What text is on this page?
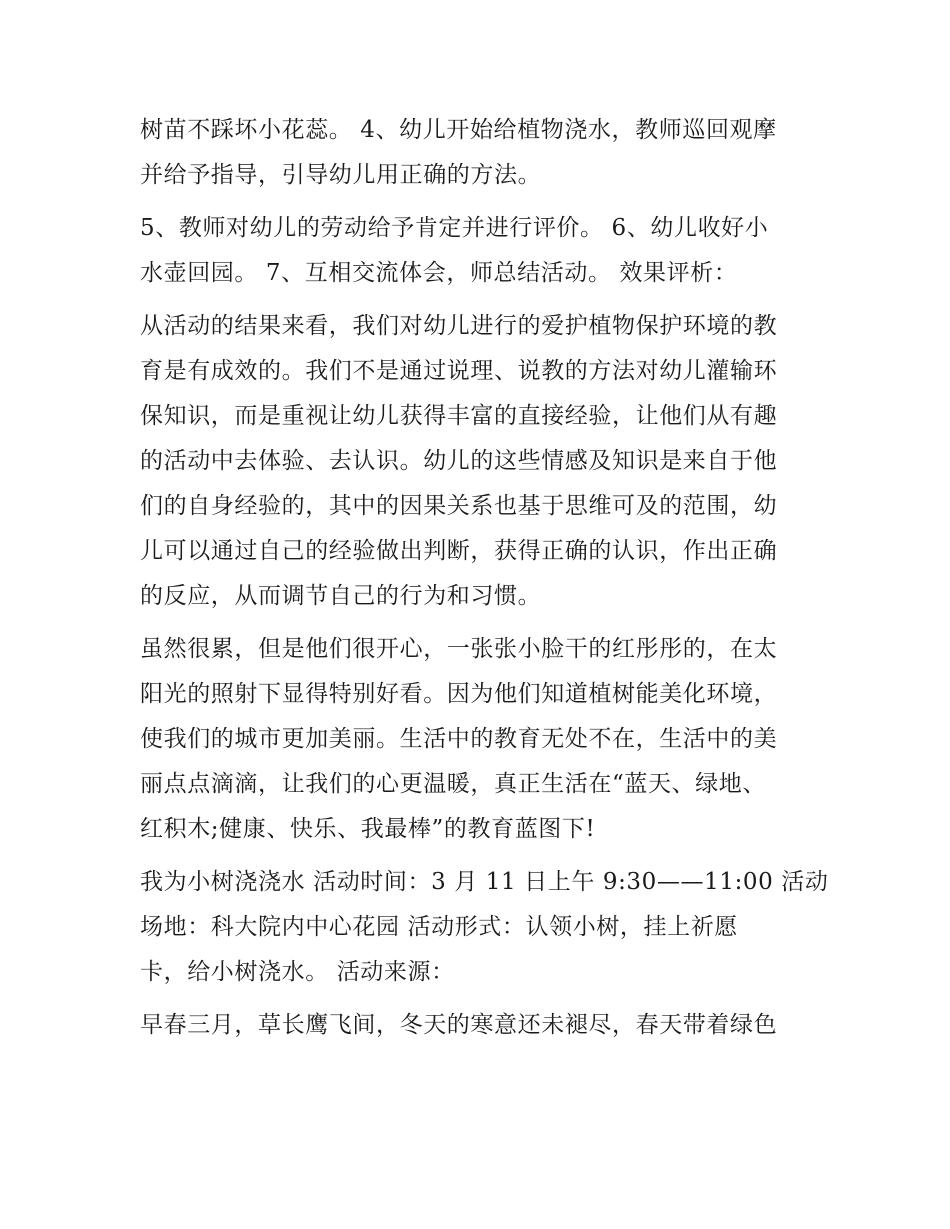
树苗不踩坏小花蕊。 4、幼儿开始给植物浇水，教师巡回观摩
并给予指导，引导幼儿用正确的方法。
5、教师对幼儿的劳动给予肯定并进行评价。 6、幼儿收好小
水壶回园。 7、互相交流体会，师总结活动。 效果评析：
从活动的结果来看，我们对幼儿进行的爱护植物保护环境的教
育是有成效的。我们不是通过说理、说教的方法对幼儿灌输环
保知识，而是重视让幼儿获得丰富的直接经验，让他们从有趣
的活动中去体验、去认识。幼儿的这些情感及知识是来自于他
们的自身经验的，其中的因果关系也基于思维可及的范围，幼
儿可以通过自己的经验做出判断，获得正确的认识，作出正确
的反应，从而调节自己的行为和习惯。
虽然很累，但是他们很开心，一张张小脸干的红彤彤的，在太
阳光的照射下显得特别好看。因为他们知道植树能美化环境，
使我们的城市更加美丽。生活中的教育无处不在，生活中的美
丽点点滴滴，让我们的心更温暖，真正生活在“蓝天、绿地、
红积木;健康、快乐、我最棒”的教育蓝图下!
我为小树浇浇水 活动时间：3 月 11 日上午 9:30——11:00 活动
场地：科大院内中心花园 活动形式：认领小树，挂上祈愿
卡，给小树浇水。 活动来源：
早春三月，草长鹰飞间，冬天的寒意还未褪尽，春天带着绿色
